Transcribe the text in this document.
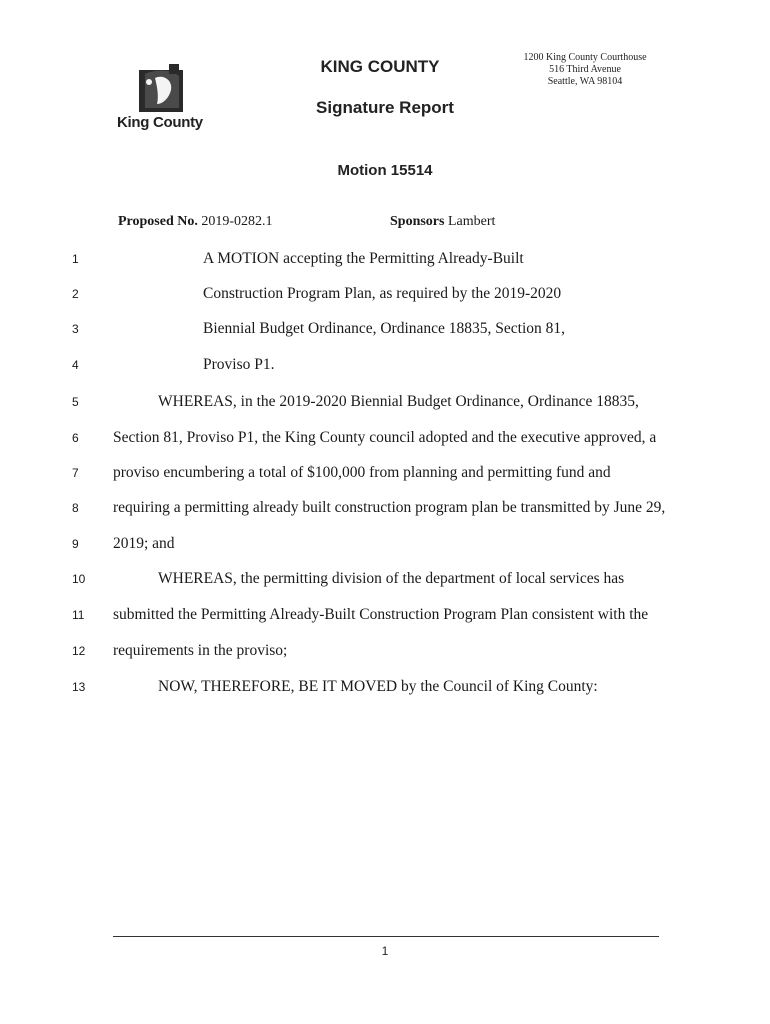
King County
KING COUNTY	1200 King County Courthouse
516 Third Avenue
Seattle, WA 98104
Signature Report
Motion 15514
Proposed No. 2019-0282.1	Sponsors Lambert
1	A MOTION accepting the Permitting Already-Built
2	Construction Program Plan, as required by the 2019-2020
3	Biennial Budget Ordinance, Ordinance 18835, Section 81,
4	Proviso P1.
5	WHEREAS, in the 2019-2020 Biennial Budget Ordinance, Ordinance 18835,
6	Section 81, Proviso P1, the King County council adopted and the executive approved, a
7	proviso encumbering a total of $100,000 from planning and permitting fund and
8	requiring a permitting already built construction program plan be transmitted by June 29,
9	2019; and
10	WHEREAS, the permitting division of the department of local services has
11	submitted the Permitting Already-Built Construction Program Plan consistent with the
12	requirements in the proviso;
13	NOW, THEREFORE, BE IT MOVED by the Council of King County:
1
